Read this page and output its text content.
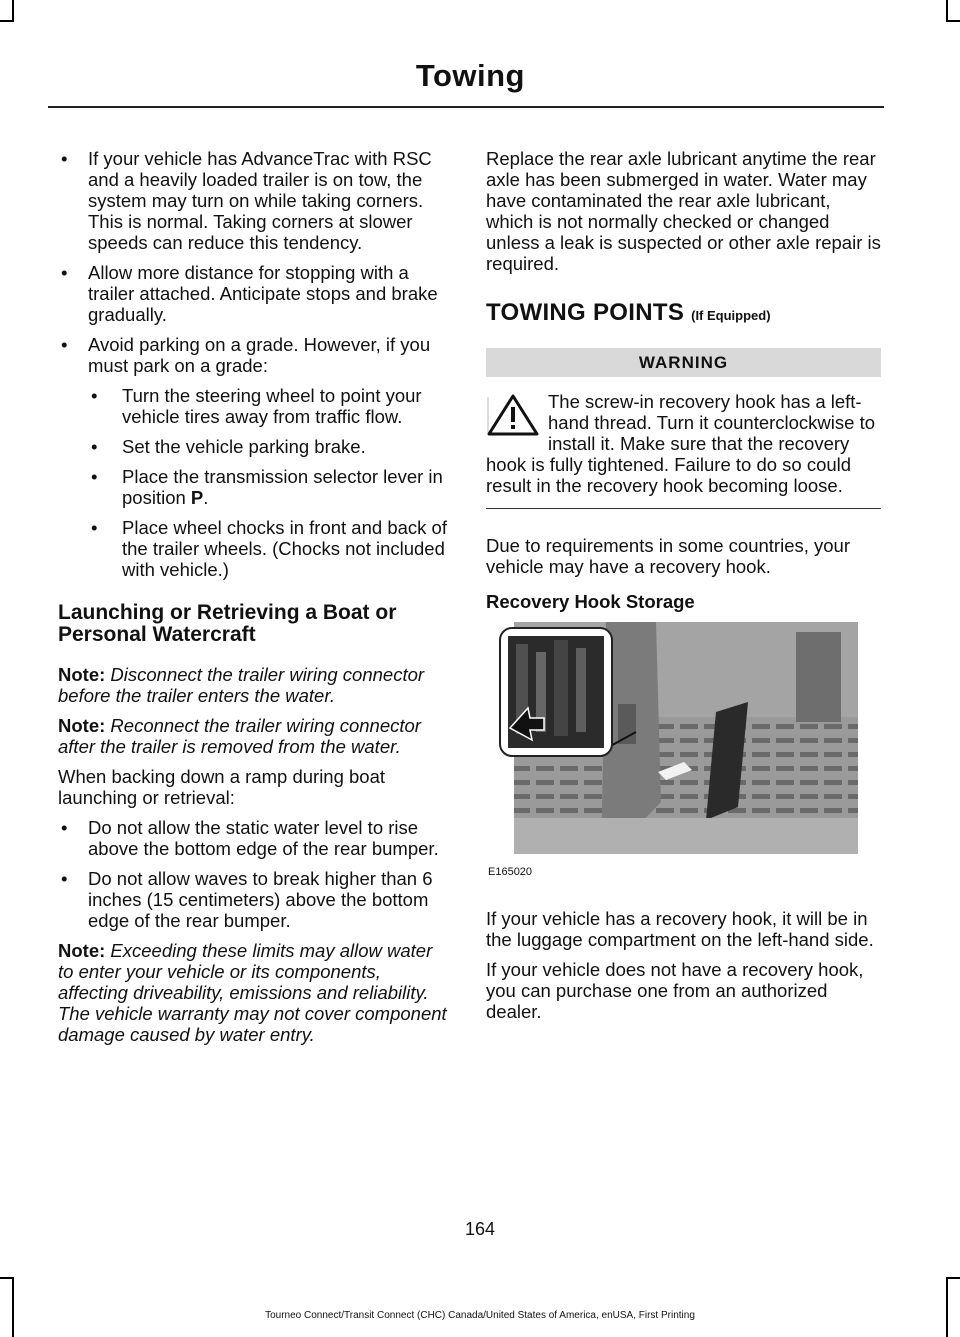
Towing
• If your vehicle has AdvanceTrac with RSC and a heavily loaded trailer is on tow, the system may turn on while taking corners. This is normal. Taking corners at slower speeds can reduce this tendency.
• Allow more distance for stopping with a trailer attached. Anticipate stops and brake gradually.
• Avoid parking on a grade. However, if you must park on a grade:
• Turn the steering wheel to point your vehicle tires away from traffic flow.
• Set the vehicle parking brake.
• Place the transmission selector lever in position P.
• Place wheel chocks in front and back of the trailer wheels. (Chocks not included with vehicle.)
Launching or Retrieving a Boat or Personal Watercraft

Note: Disconnect the trailer wiring connector before the trailer enters the water.

Note: Reconnect the trailer wiring connector after the trailer is removed from the water.

When backing down a ramp during boat launching or retrieval:

• Do not allow the static water level to rise above the bottom edge of the rear bumper.
• Do not allow waves to break higher than 6 inches (15 centimeters) above the bottom edge of the rear bumper.

Note: Exceeding these limits may allow water to enter your vehicle or its components, affecting driveability, emissions and reliability. The vehicle warranty may not cover component damage caused by water entry.

Replace the rear axle lubricant anytime the rear axle has been submerged in water. Water may have contaminated the rear axle lubricant, which is not normally checked or changed unless a leak is suspected or other axle repair is required.

TOWING POINTS (If Equipped)
WARNING
The screw-in recovery hook has a left-hand thread. Turn it counterclockwise to install it. Make sure that the recovery hook is fully tightened. Failure to do so could result in the recovery hook becoming loose.

Due to requirements in some countries, your vehicle may have a recovery hook.

Recovery Hook Storage
E165020

If your vehicle has a recovery hook, it will be in the luggage compartment on the left-hand side.

If your vehicle does not have a recovery hook, you can purchase one from an authorized dealer.

164
Tourneo Connect/Transit Connect (CHC) Canada/United States of America, enUSA, First Printing
